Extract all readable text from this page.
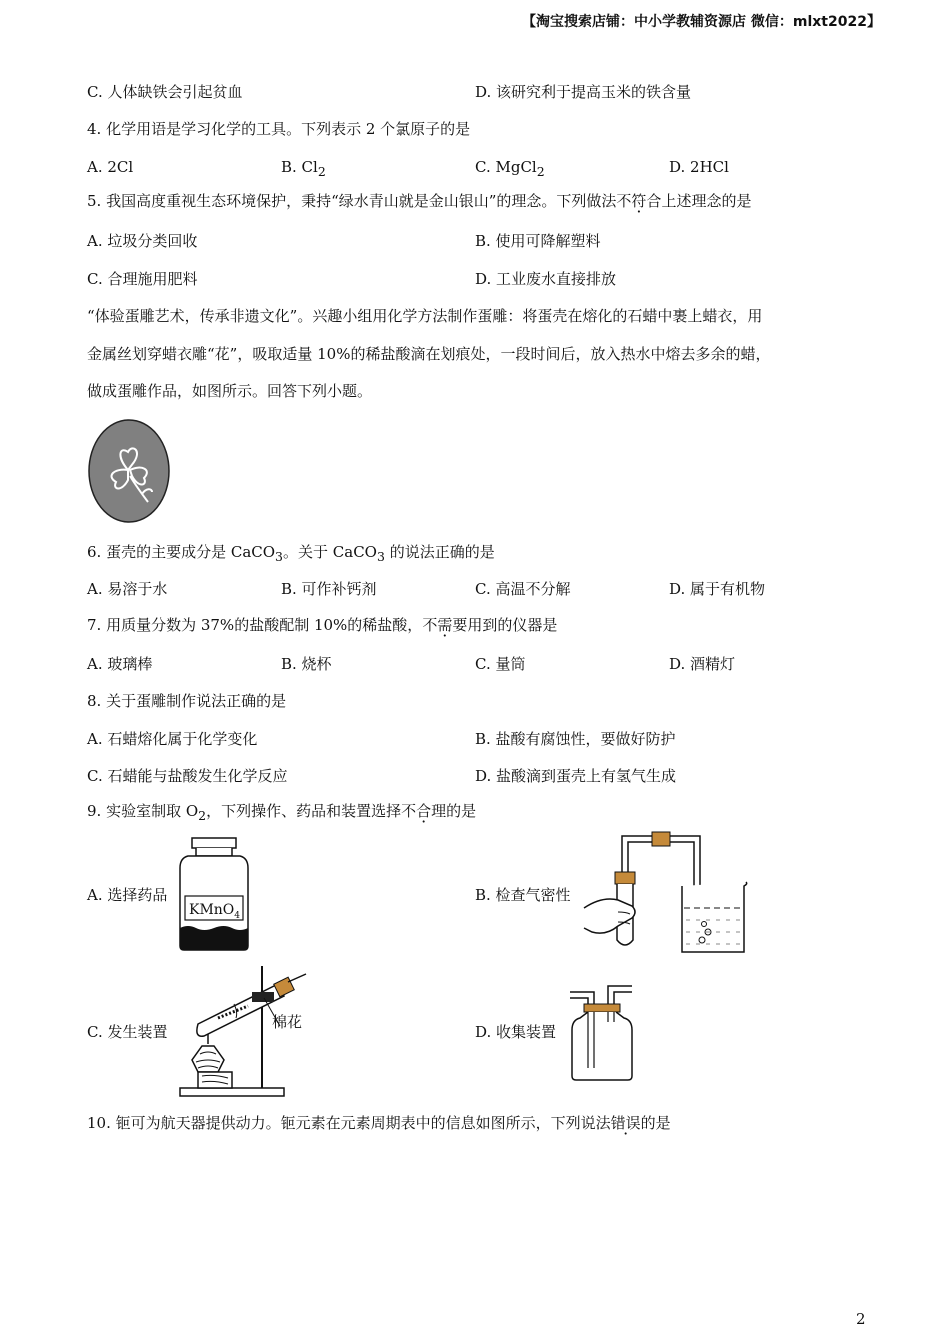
【淘宝搜索店铺：中小学教辅资源店 微信：mlxt2022】
C. 人体缺铁会引起贫血	D. 该研究利于提高玉米的铁含量
4. 化学用语是学习化学的工具。下列表示 2 个氯原子的是
A. 2Cl	B. $Cl_2$	C. MgCl$_2$	D. 2HCl
5. 我国高度重视生态环境保护，秉持“绿水青山就是金山银山”的理念。下列做法不符合上述理念的是
A. 垃圾分类回收	B. 使用可降解塑料
C. 合理施用肥料	D. 工业废水直接排放
“体验蛋雕艺术，传承非遗文化”。兴趣小组用化学方法制作蛋雕：将蛋壳在熔化的石蜡中裹上蜡衣，用
金属丝划穿蜡衣雕“花”，吸取适量 10%的稀盐酸滴在划痕处，一段时间后，放入热水中熔去多余的蜡，
做成蛋雕作品，如图所示。回答下列小题。
6. 蛋壳的主要成分是 CaCO$_3$。关于 CaCO$_3$ 的说法正确的是
A. 易溶于水	B. 可作补钙剂	C. 高温不分解	D. 属于有机物
7. 用质量分数为 37%的盐酸配制 10%的稀盐酸，不需要用到的仪器是
A. 玻璃棒	B. 烧杯	C. 量筒	D. 酒精灯
8. 关于蛋雕制作说法正确的是
A. 石蜡熔化属于化学变化	B. 盐酸有腐蚀性，要做好防护
C. 石蜡能与盐酸发生化学反应	D. 盐酸滴到蛋壳上有氢气生成
9. 实验室制取 $O_2$，下列操作、药品和装置选择不合理的是
A. 选择药品	B. 检查气密性
C. 发生装置	D. 收集装置
KMnO$_4$
棉花
10. 钷可为航天器提供动力。钷元素在元素周期表中的信息如图所示，下列说法错误的是
2
